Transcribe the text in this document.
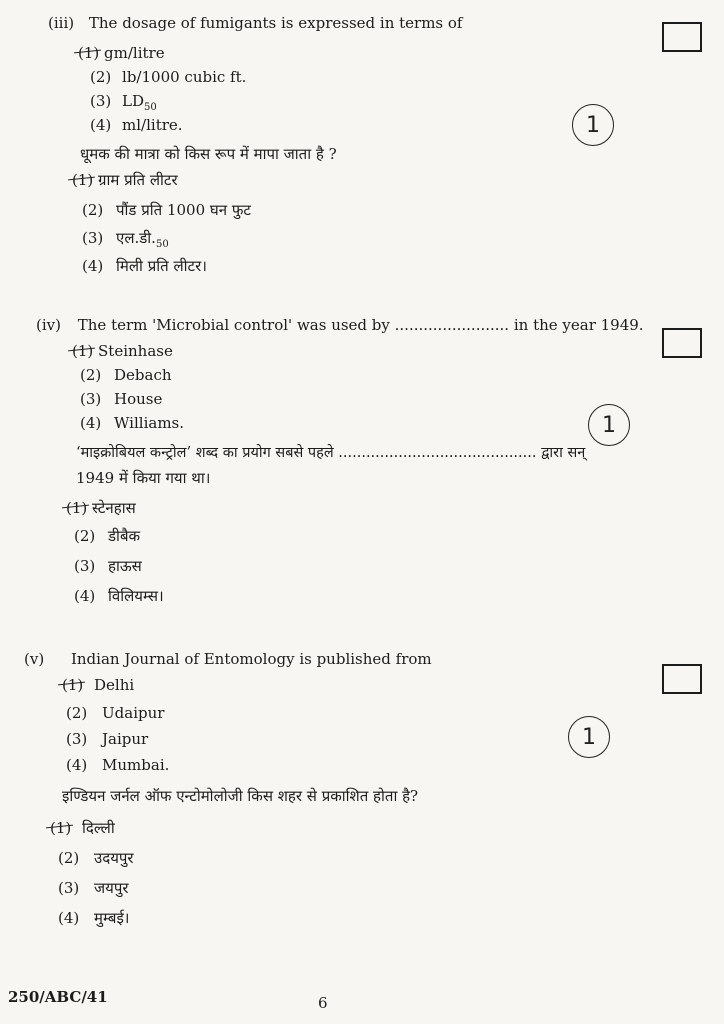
(iii) The dosage of fumigants is expressed in terms of
(1) gm/litre
(2) lb/1000 cubic ft.
(3) $LD_{50}$
(4) ml/litre.
धूमक की मात्रा को किस रूप में मापा जाता है ?
(1) ग्राम प्रति लीटर
(2) पौंड प्रति 1000 घन फुट
(3) $एल.डी._{50}$
(4) मिली प्रति लीटर।
1
(iv) The term 'Microbial control' was used by ........................ in the year 1949.
(1) Steinhase
(2) Debach
(3) House
(4) Williams.
‘माइक्रोबियल कन्ट्रोल’ शब्द का प्रयोग सबसे पहले ........................................... द्वारा सन्
1949 में किया गया था।
(1) स्टेनहास
(2) डीबैक
(3) हाऊस
(4) विलियम्स।
1
(v) Indian Journal of Entomology is published from
(1) Delhi
(2) Udaipur
(3) Jaipur
(4) Mumbai.
इण्डियन जर्नल ऑफ एन्टोमोलोजी किस शहर से प्रकाशित होता है?
(1) दिल्ली
(2) उदयपुर
(3) जयपुर
(4) मुम्बई।
1
250/ABC/41	6
